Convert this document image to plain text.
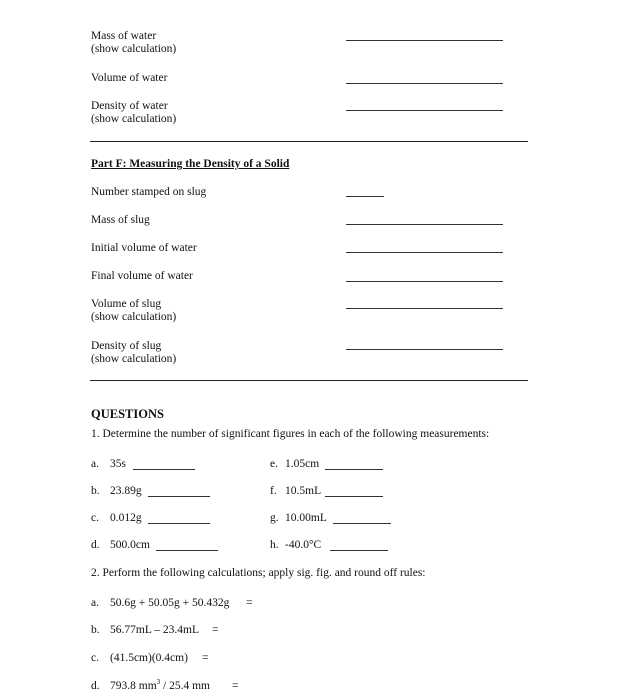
Mass of water
(show calculation)
Volume of water
Density of water
(show calculation)
Part F: Measuring the Density of a Solid
Number stamped on slug
Mass of slug
Initial volume of water
Final volume of water
Volume of slug
(show calculation)
Density of slug
(show calculation)
QUESTIONS
1. Determine the number of significant figures in each of the following measurements:
a. 35s
b. 23.89g
c. 0.012g
d. 500.0cm
e. 1.05cm
f. 10.5mL
g. 10.00mL
h. -40.0°C
2. Perform the following calculations; apply sig. fig. and round off rules:
a. 50.6g + 50.05g + 50.432g =
b. 56.77mL – 23.4mL =
c. (41.5cm)(0.4cm) =
d. 793.8 $mm^3 / 25.4$ mm =
